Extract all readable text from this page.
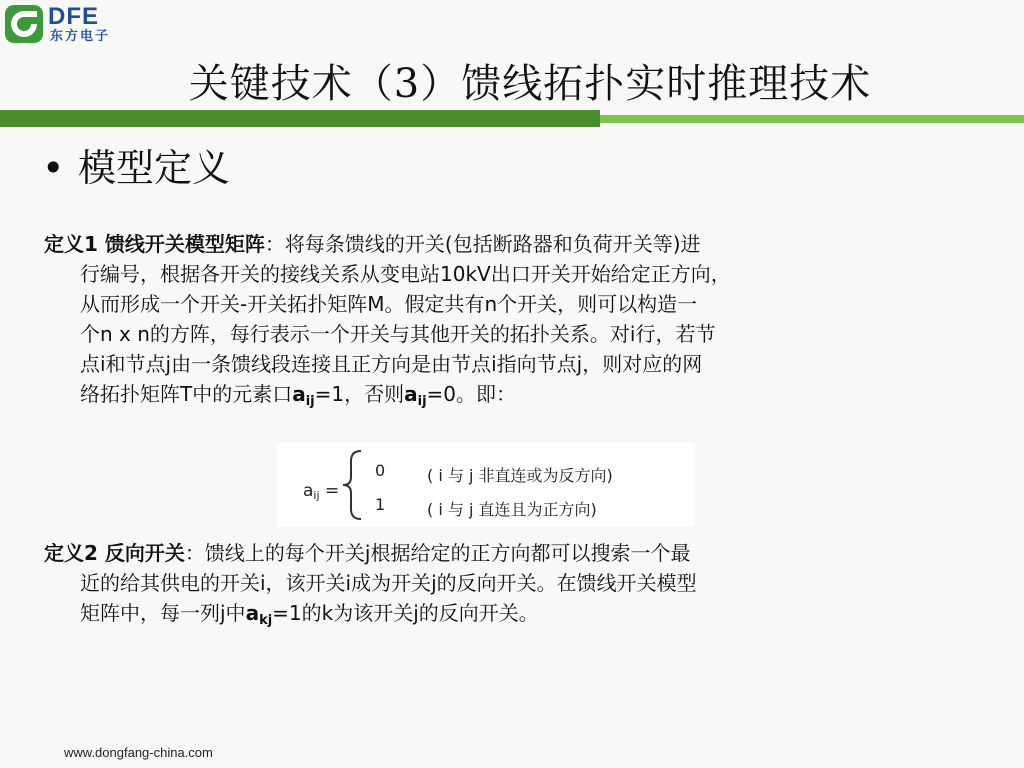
DFE
东方电子
关键技术（3）馈线拓扑实时推理技术
• 模型定义
定义1 馈线开关模型矩阵：将每条馈线的开关(包括断路器和负荷开关等)进
行编号，根据各开关的接线关系从变电站10kV出口开关开始给定正方向，
从而形成一个开关-开关拓扑矩阵M。假定共有n个开关，则可以构造一
个n x n的方阵，每行表示一个开关与其他开关的拓扑关系。对i行，若节
点i和节点j由一条馈线段连接且正方向是由节点i指向节点j，则对应的网
络拓扑矩阵T中的元素口$a_{ij}=1$，否则$a_{ij}=0$。即：
aij =
0	( i 与 j 非直连或为反方向)
1	( i 与 j 直连且为正方向)
定义2 反向开关：馈线上的每个开关j根据给定的正方向都可以搜索一个最
近的给其供电的开关i，该开关i成为开关j的反向开关。在馈线开关模型
矩阵中，每一列j中$a_{kj}=1$的k为该开关j的反向开关。
www.dongfang-china.com
